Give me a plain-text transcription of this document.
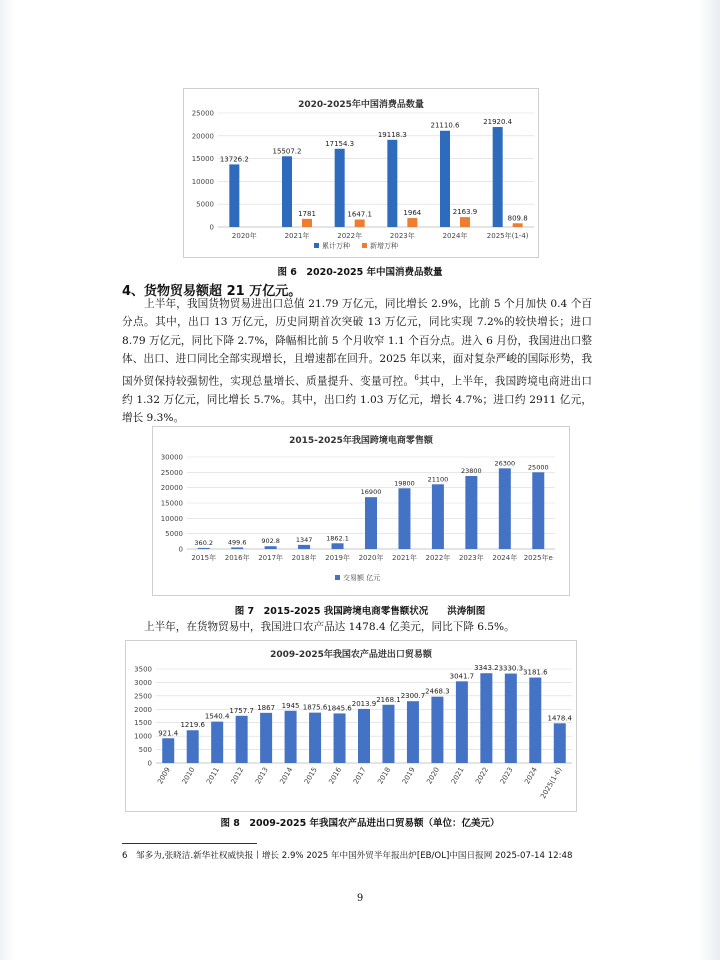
2020-2025年中国消费品数量
0
5000
10000
15000
20000
25000
13726.2
15507.2
1781
17154.3
1647.1
19118.3
1964
21110.6
2163.9
21920.4
809.8
2020年	2021年	2022年	2023年	2024年	2025年(1-4)
累计万种	新增万种
图 6　2020-2025 年中国消费品数量
4、货物贸易额超 21 万亿元。

上半年，我国货物贸易进出口总值 21.79 万亿元，同比增长 2.9%，比前 5 个月加快 0.4 个百分点。其中，出口 13 万亿元，历史同期首次突破 13 万亿元，同比实现 7.2%的较快增长；进口 8.79 万亿元，同比下降 2.7%，降幅相比前 5 个月收窄 1.1 个百分点。进入 6 月份，我国进出口整体、出口、进口同比全部实现增长，且增速都在回升。2025 年以来，面对复杂严峻的国际形势，我国外贸保持较强韧性，实现总量增长、质量提升、变量可控。$^6$其中，上半年，我国跨境电商进出口约 1.32 万亿元，同比增长 5.7%。其中，出口约 1.03 万亿元，增长 4.7%；进口约 2911 亿元，增长 9.3%。

2015-2025年我国跨境电商零售额
0
5000
10000
15000
20000
25000
30000
360.2 499.6 902.8 1347 1862.1
16900
19800 21100
23800
26300 25000
2015年 2016年 2017年 2018年 2019年 2020年 2021年 2022年 2023年 2024年 2025年e
交易额 亿元
图 7　2015-2025 我国跨境电商零售额状况　　洪涛制图

上半年，在货物贸易中，我国进口农产品达 1478.4 亿美元，同比下降 6.5%。

2009-2025年我国农产品进出口贸易额
0
500
1000
1500
2000
2500
3000
3500
921.4
1219.6
1540.4
1757.7 1867 1945 1875.6 1845.6
2013.9
2168.1 2300.7
2468.3
3041.7
3343.2 3330.3 3181.6
1478.4
2009 2010 2011 2012 2013 2014 2015 2016 2017 2018 2019 2020 2021 2022 2023 2024 2025(1-6)
图 8　2009-2025 年我国农产品进出口贸易额（单位：亿美元）
6　邹多为,张晓洁.新华社权威快报丨增长 2.9% 2025 年中国外贸半年报出炉[EB/OL]中国日报网 2025-07-14 12:48
9
